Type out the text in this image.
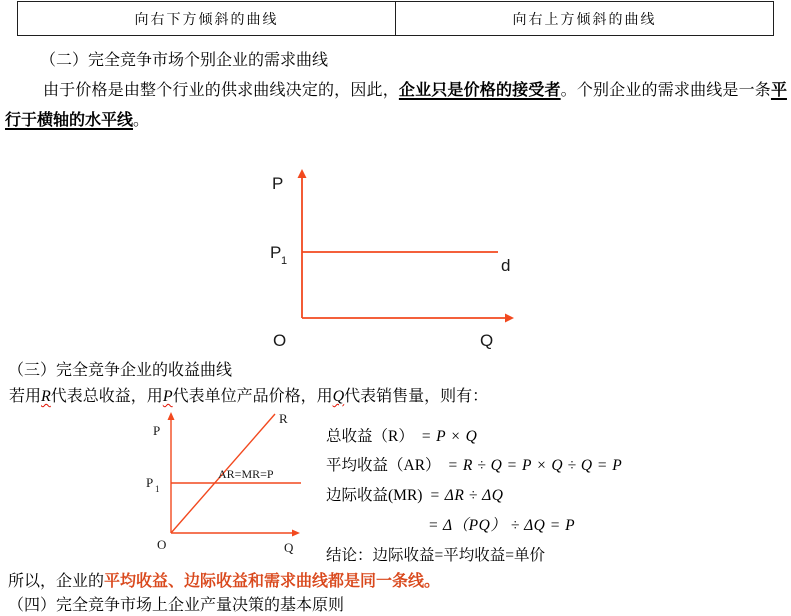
向右下方倾斜的曲线	向右上方倾斜的曲线
（二）完全竞争市场个别企业的需求曲线
由于价格是由整个行业的供求曲线决定的，因此，企业只是价格的接受者。个别企业的需求曲线是一条平行于横轴的水平线。
P
P 1	d
O	Q
（三）完全竞争企业的收益曲线
若用R代表总收益，用P代表单位产品价格，用Q代表销售量，则有：
P
R
AR=MR=P
P 1
O	Q
总收益（R） = P × Q
平均收益（AR） = R ÷ Q = P × Q ÷ Q = P
边际收益(MR) = ΔR ÷ ΔQ
= Δ（PQ） ÷ ΔQ = P
结论：边际收益=平均收益=单价
所以，企业的平均收益、边际收益和需求曲线都是同一条线。
（四）完全竞争市场上企业产量决策的基本原则
